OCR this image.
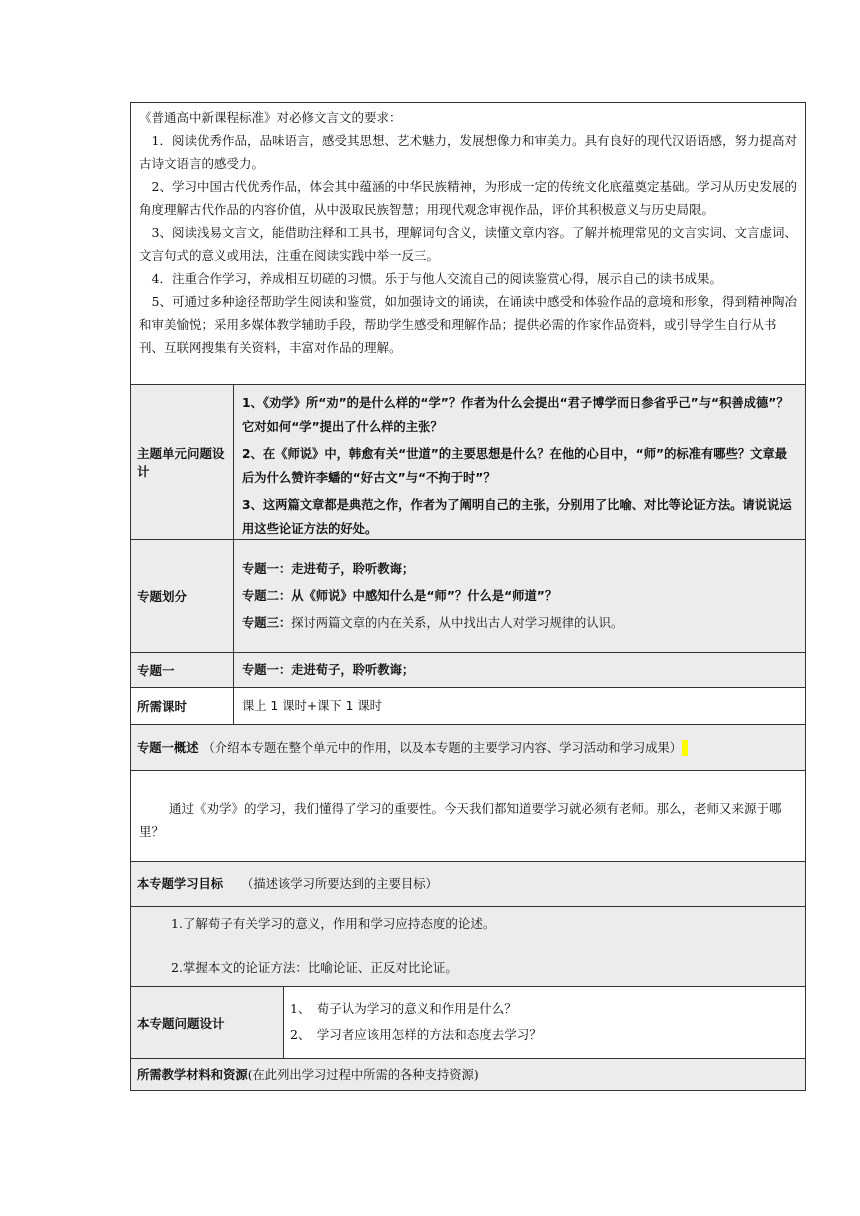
《普通高中新课程标准》对必修文言文的要求：

1．阅读优秀作品，品味语言，感受其思想、艺术魅力，发展想像力和审美力。具有良好的现代汉语语感，努力提高对古诗文语言的感受力。

2、学习中国古代优秀作品，体会其中蕴涵的中华民族精神，为形成一定的传统文化底蕴奠定基础。学习从历史发展的角度理解古代作品的内容价值，从中汲取民族智慧；用现代观念审视作品，评价其积极意义与历史局限。

3、阅读浅易文言文，能借助注释和工具书，理解词句含义，读懂文章内容。了解并梳理常见的文言实词、文言虚词、文言句式的意义或用法，注重在阅读实践中举一反三。

4．注重合作学习，养成相互切磋的习惯。乐于与他人交流自己的阅读鉴赏心得，展示自己的读书成果。

5、可通过多种途径帮助学生阅读和鉴赏，如加强诗文的诵读，在诵读中感受和体验作品的意境和形象，得到精神陶冶和审美愉悦；采用多媒体教学辅助手段，帮助学生感受和理解作品；提供必需的作家作品资料，或引导学生自行从书刊、互联网搜集有关资料，丰富对作品的理解。

主题单元问题设计

1、《劝学》所“劝”的是什么样的“学”？作者为什么会提出“君子博学而日参省乎己”与“积善成德”？它对如何“学”提出了什么样的主张？

2、在《师说》中，韩愈有关“世道”的主要思想是什么？在他的心目中，“师”的标准有哪些？文章最后为什么赞许李蟠的“好古文”与“不拘于时”？

3、这两篇文章都是典范之作，作者为了阐明自己的主张，分别用了比喻、对比等论证方法。请说说运用这些论证方法的好处。

专题划分

专题一：走进荀子，聆听教诲；

专题二：从《师说》中感知什么是“师”？什么是“师道”？

专题三：探讨两篇文章的内在关系，从中找出古人对学习规律的认识。

专题一	专题一：走进荀子，聆听教诲；

所需课时	课上 1 课时+课下 1 课时

专题一概述 （介绍本专题在整个单元中的作用，以及本专题的主要学习内容、学习活动和学习成果）

通过《劝学》的学习，我们懂得了学习的重要性。今天我们都知道要学习就必须有老师。那么，老师又来源于哪里？

本专题学习目标 （描述该学习所要达到的主要目标）

1.了解荀子有关学习的意义，作用和学习应持态度的论述。

2.掌握本文的论证方法：比喻论证、正反对比论证。

本专题问题设计

1、　荀子认为学习的意义和作用是什么？

2、　学习者应该用怎样的方法和态度去学习？

所需教学材料和资源(在此列出学习过程中所需的各种支持资源)
